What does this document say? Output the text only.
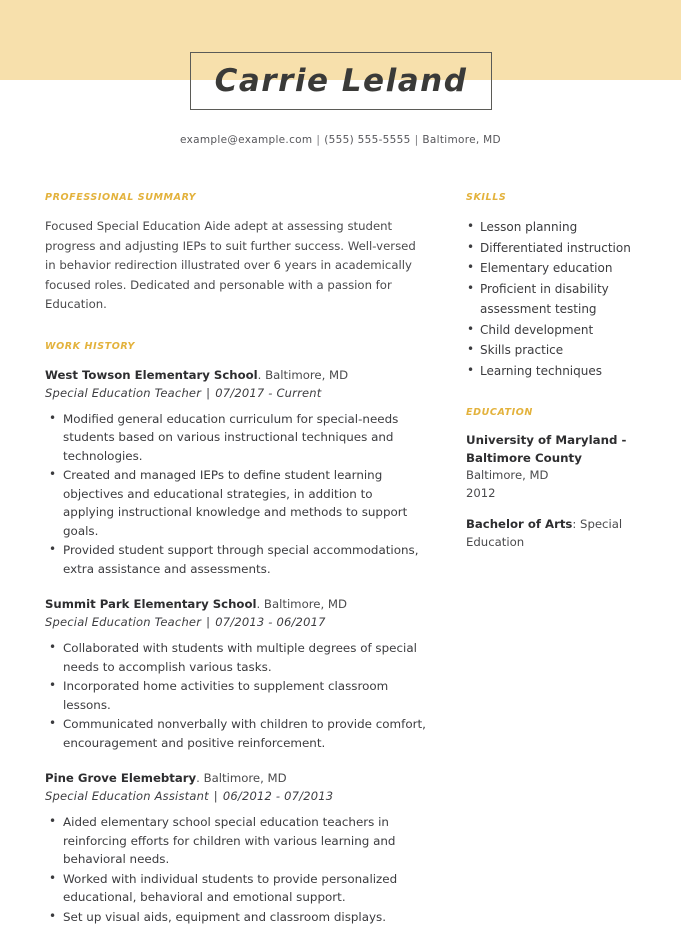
Carrie Leland
example@example.com | (555) 555-5555 | Baltimore, MD
PROFESSIONAL SUMMARY

Focused Special Education Aide adept at assessing student progress and adjusting IEPs to suit further success. Well-versed in behavior redirection illustrated over 6 years in academically focused roles. Dedicated and personable with a passion for Education.

WORK HISTORY
West Towson Elementary School. Baltimore, MD
Special Education Teacher | 07/2017 - Current
• Modified general education curriculum for special-needs students based on various instructional techniques and technologies.
• Created and managed IEPs to define student learning objectives and educational strategies, in addition to applying instructional knowledge and methods to support goals.
• Provided student support through special accommodations, extra assistance and assessments.
Summit Park Elementary School. Baltimore, MD
Special Education Teacher | 07/2013 - 06/2017
• Collaborated with students with multiple degrees of special needs to accomplish various tasks.
• Incorporated home activities to supplement classroom lessons.
• Communicated nonverbally with children to provide comfort, encouragement and positive reinforcement.
Pine Grove Elemebtary. Baltimore, MD
Special Education Assistant | 06/2012 - 07/2013
• Aided elementary school special education teachers in reinforcing efforts for children with various learning and behavioral needs.
• Worked with individual students to provide personalized educational, behavioral and emotional support.
• Set up visual aids, equipment and classroom displays.
SKILLS
• Lesson planning
• Differentiated instruction
• Elementary education
• Proficient in disability assessment testing
• Child development
• Skills practice
• Learning techniques
EDUCATION
University of Maryland - Baltimore County
Baltimore, MD
2012
Bachelor of Arts: Special Education
